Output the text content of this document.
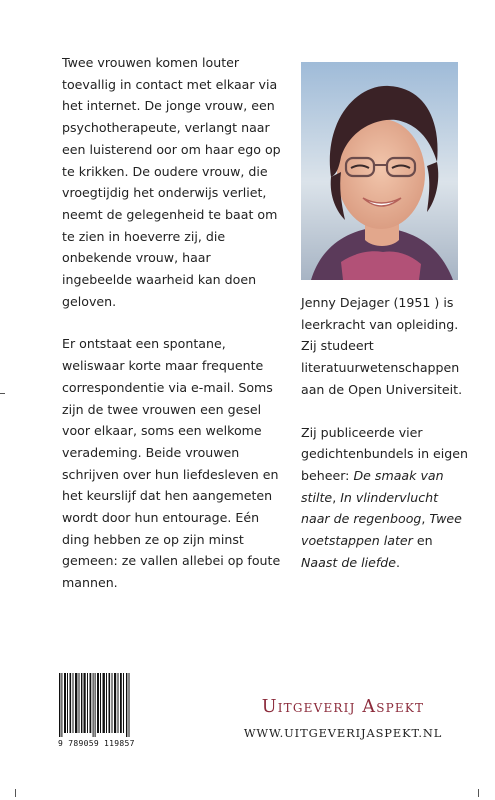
Twee vrouwen komen louter toevallig in contact met elkaar via het internet. De jonge vrouw, een psychotherapeute, verlangt naar een luisterend oor om haar ego op te krikken. De oudere vrouw, die vroegtijdig het onderwijs verliet, neemt de gelegenheid te baat om te zien in hoeverre zij, die onbekende vrouw, haar ingebeelde waarheid kan doen geloven.

Er ontstaat een spontane, weliswaar korte maar frequente correspondentie via e-mail. Soms zijn de twee vrouwen een gesel voor elkaar, soms een welkome verademing. Beide vrouwen schrijven over hun liefdesleven en het keurslijf dat hen aangemeten wordt door hun entourage. Eén ding hebben ze op zijn minst gemeen: ze vallen allebei op foute mannen.

Jenny Dejager (1951 ) is leerkracht van opleiding. Zij studeert literatuurwetenschappen aan de Open Universiteit.

Zij publiceerde vier gedichtenbundels in eigen beheer: De smaak van stilte, In vlindervlucht naar de regenboog, Twee voetstappen later en Naast de liefde.

9 789059 119857
Uitgeverij Aspekt
WWW.UITGEVERIJASPEKT.NL
